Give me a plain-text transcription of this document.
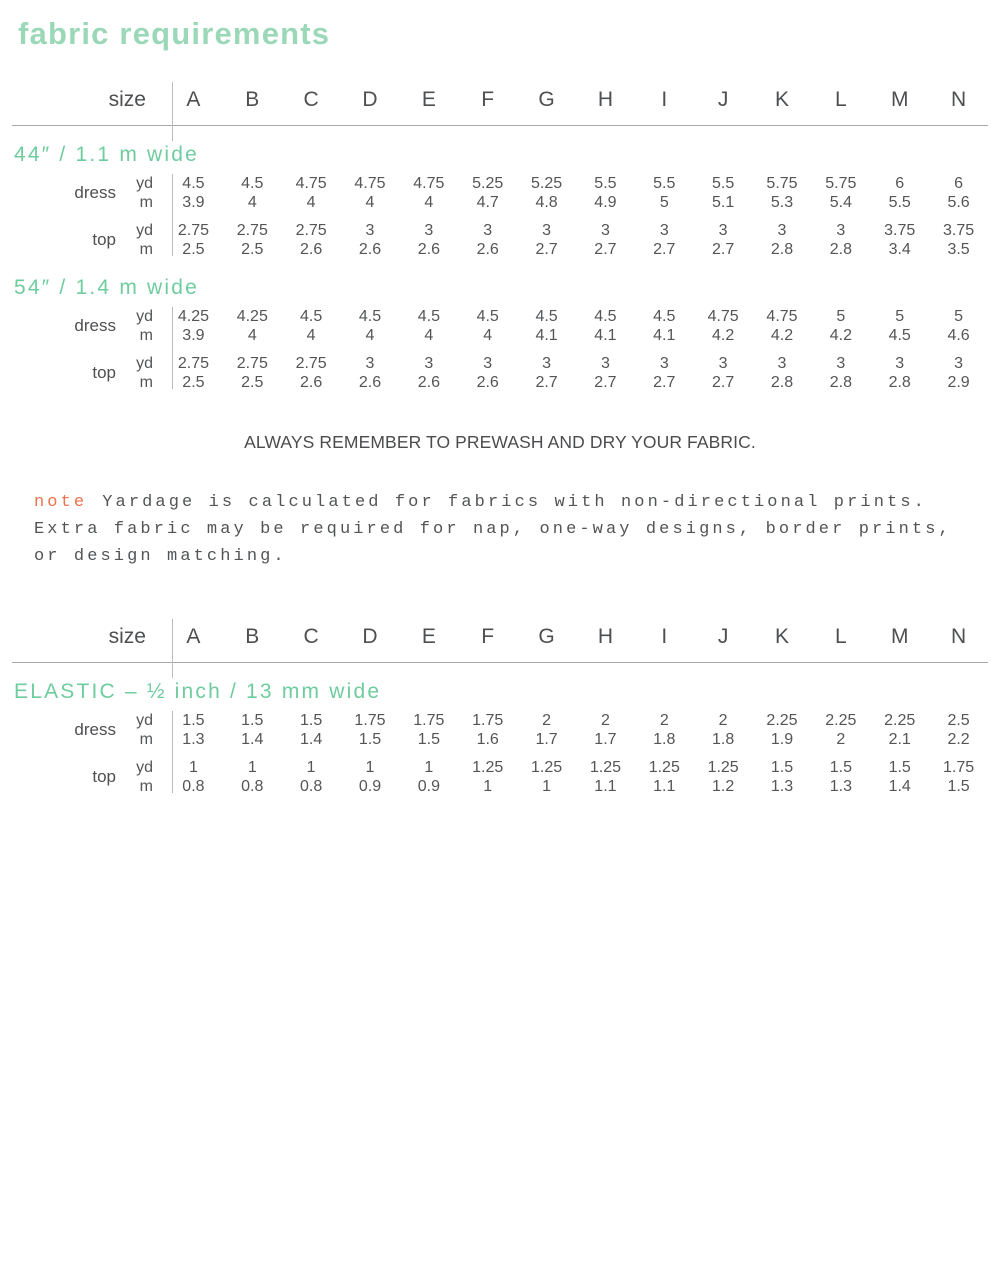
fabric requirements
size	A	B	C	D	E	F	G	H	I	J	K	L	M	N
44″ / 1.1 m wide
dress	yd	4.5	4.5	4.75	4.75	4.75	5.25	5.25	5.5	5.5	5.5	5.75	5.75	6	6
m	3.9	4	4	4	4	4.7	4.8	4.9	5	5.1	5.3	5.4	5.5	5.6
top	yd	2.75	2.75	2.75	3	3	3	3	3	3	3	3	3	3.75	3.75
m	2.5	2.5	2.6	2.6	2.6	2.6	2.7	2.7	2.7	2.7	2.8	2.8	3.4	3.5
54″ / 1.4 m wide
dress	yd	4.25	4.25	4.5	4.5	4.5	4.5	4.5	4.5	4.5	4.75	4.75	5	5	5
m	3.9	4	4	4	4	4	4.1	4.1	4.1	4.2	4.2	4.2	4.5	4.6
top	yd	2.75	2.75	2.75	3	3	3	3	3	3	3	3	3	3	3
m	2.5	2.5	2.6	2.6	2.6	2.6	2.7	2.7	2.7	2.7	2.8	2.8	2.8	2.9
ALWAYS REMEMBER TO PREWASH AND DRY YOUR FABRIC.
note Yardage is calculated for fabrics with non-directional prints.
Extra fabric may be required for nap, one-way designs, border prints,
or design matching.
size	A	B	C	D	E	F	G	H	I	J	K	L	M	N
ELASTIC – ½ inch / 13 mm wide
dress	yd	1.5	1.5	1.5	1.75	1.75	1.75	2	2	2	2	2.25	2.25	2.25	2.5
m	1.3	1.4	1.4	1.5	1.5	1.6	1.7	1.7	1.8	1.8	1.9	2	2.1	2.2
top	yd	1	1	1	1	1	1.25	1.25	1.25	1.25	1.25	1.5	1.5	1.5	1.75
m	0.8	0.8	0.8	0.9	0.9	1	1	1.1	1.1	1.2	1.3	1.3	1.4	1.5
